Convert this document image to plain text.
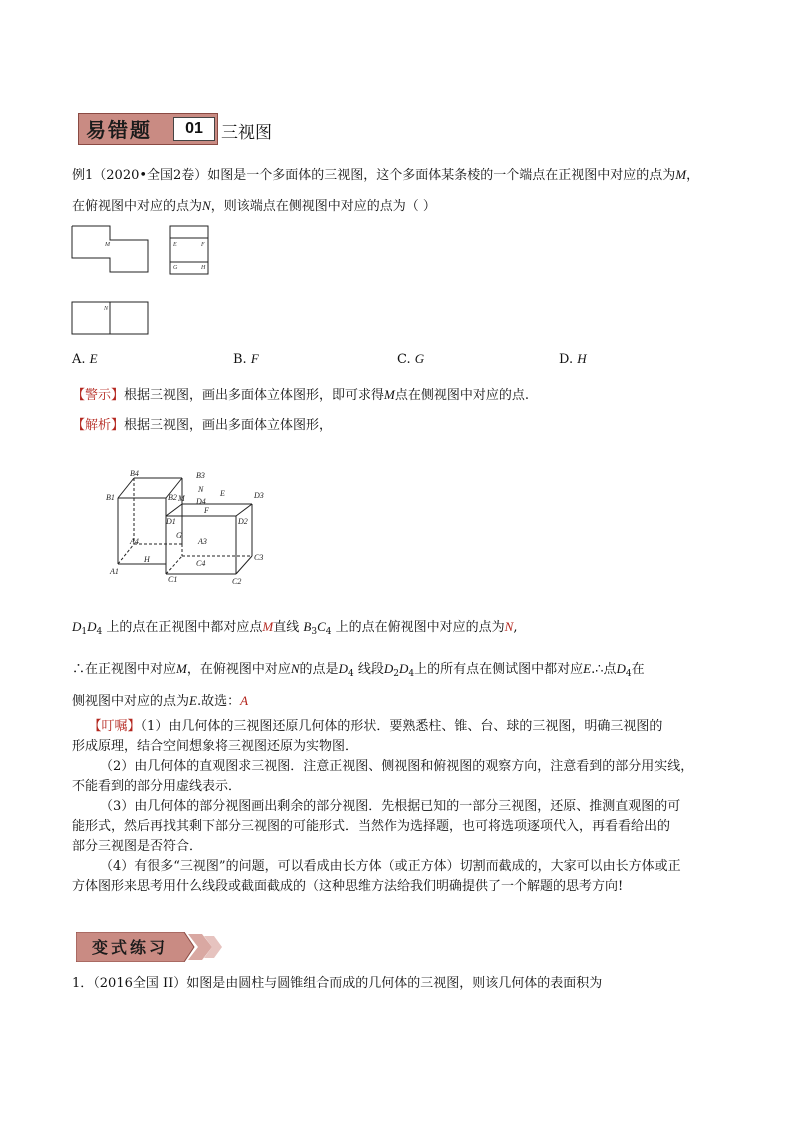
易错题	01	三视图
例1（2020•全国2卷）如图是一个多面体的三视图，这个多面体某条棱的一个端点在正视图中对应的点为M，
在俯视图中对应的点为N，则该端点在侧视图中对应的点为（ ）
M
N
E	F
G	H
A. E	B. F	C. G	D. H
【警示】根据三视图，画出多面体立体图形，即可求得M点在侧视图中对应的点.
【解析】根据三视图，画出多面体立体图形，
B4	B3
N
B1	B2 M D4
E	D3
F
D1	D2
G
A4	A3
C3
H	C4
A1
C1	C2
$D_1D_4$ 上的点在正视图中都对应点M直线 $B_3C_4$ 上的点在俯视图中对应的点为N,
∴在正视图中对应M，在俯视图中对应N的点是$D_4$ 线段$D_2D_4$上的所有点在侧试图中都对应E.∴点$D_4$在
侧视图中对应的点为E.故选：A
【叮嘱】（1）由几何体的三视图还原几何体的形状．要熟悉柱、锥、台、球的三视图，明确三视图的
形成原理，结合空间想象将三视图还原为实物图．
（2）由几何体的直观图求三视图．注意正视图、侧视图和俯视图的观察方向，注意看到的部分用实线，
不能看到的部分用虚线表示．
（3）由几何体的部分视图画出剩余的部分视图．先根据已知的一部分三视图，还原、推测直观图的可
能形式，然后再找其剩下部分三视图的可能形式．当然作为选择题，也可将选项逐项代入，再看看给出的
部分三视图是否符合．
（4）有很多“三视图”的问题，可以看成由长方体（或正方体）切割而截成的，大家可以由长方体或正
方体图形来思考用什么线段或截面截成的（这种思维方法给我们明确提供了一个解题的思考方向!
变式练习
1．（2016全国 II）如图是由圆柱与圆锥组合而成的几何体的三视图，则该几何体的表面积为
